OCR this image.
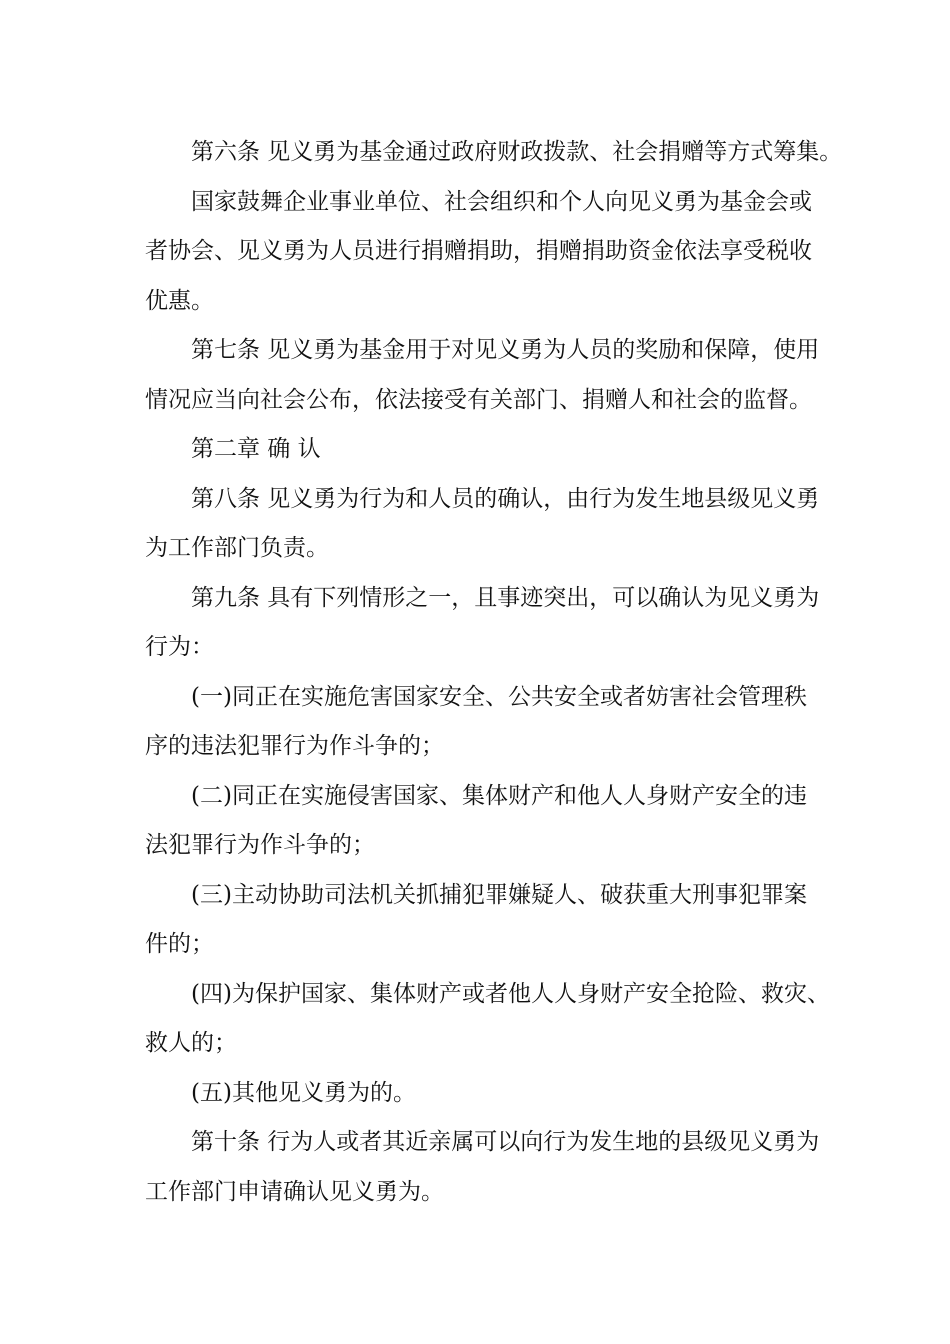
第六条 见义勇为基金通过政府财政拨款、社会捐赠等方式筹集。
国家鼓舞企业事业单位、社会组织和个人向见义勇为基金会或
者协会、见义勇为人员进行捐赠捐助，捐赠捐助资金依法享受税收
优惠。
第七条 见义勇为基金用于对见义勇为人员的奖励和保障，使用
情况应当向社会公布，依法接受有关部门、捐赠人和社会的监督。
第二章 确 认
第八条 见义勇为行为和人员的确认，由行为发生地县级见义勇
为工作部门负责。
第九条 具有下列情形之一，且事迹突出，可以确认为见义勇为
行为：
(一)同正在实施危害国家安全、公共安全或者妨害社会管理秩
序的违法犯罪行为作斗争的；
(二)同正在实施侵害国家、集体财产和他人人身财产安全的违
法犯罪行为作斗争的；
(三)主动协助司法机关抓捕犯罪嫌疑人、破获重大刑事犯罪案
件的；
(四)为保护国家、集体财产或者他人人身财产安全抢险、救灾、
救人的；
(五)其他见义勇为的。
第十条 行为人或者其近亲属可以向行为发生地的县级见义勇为
工作部门申请确认见义勇为。
